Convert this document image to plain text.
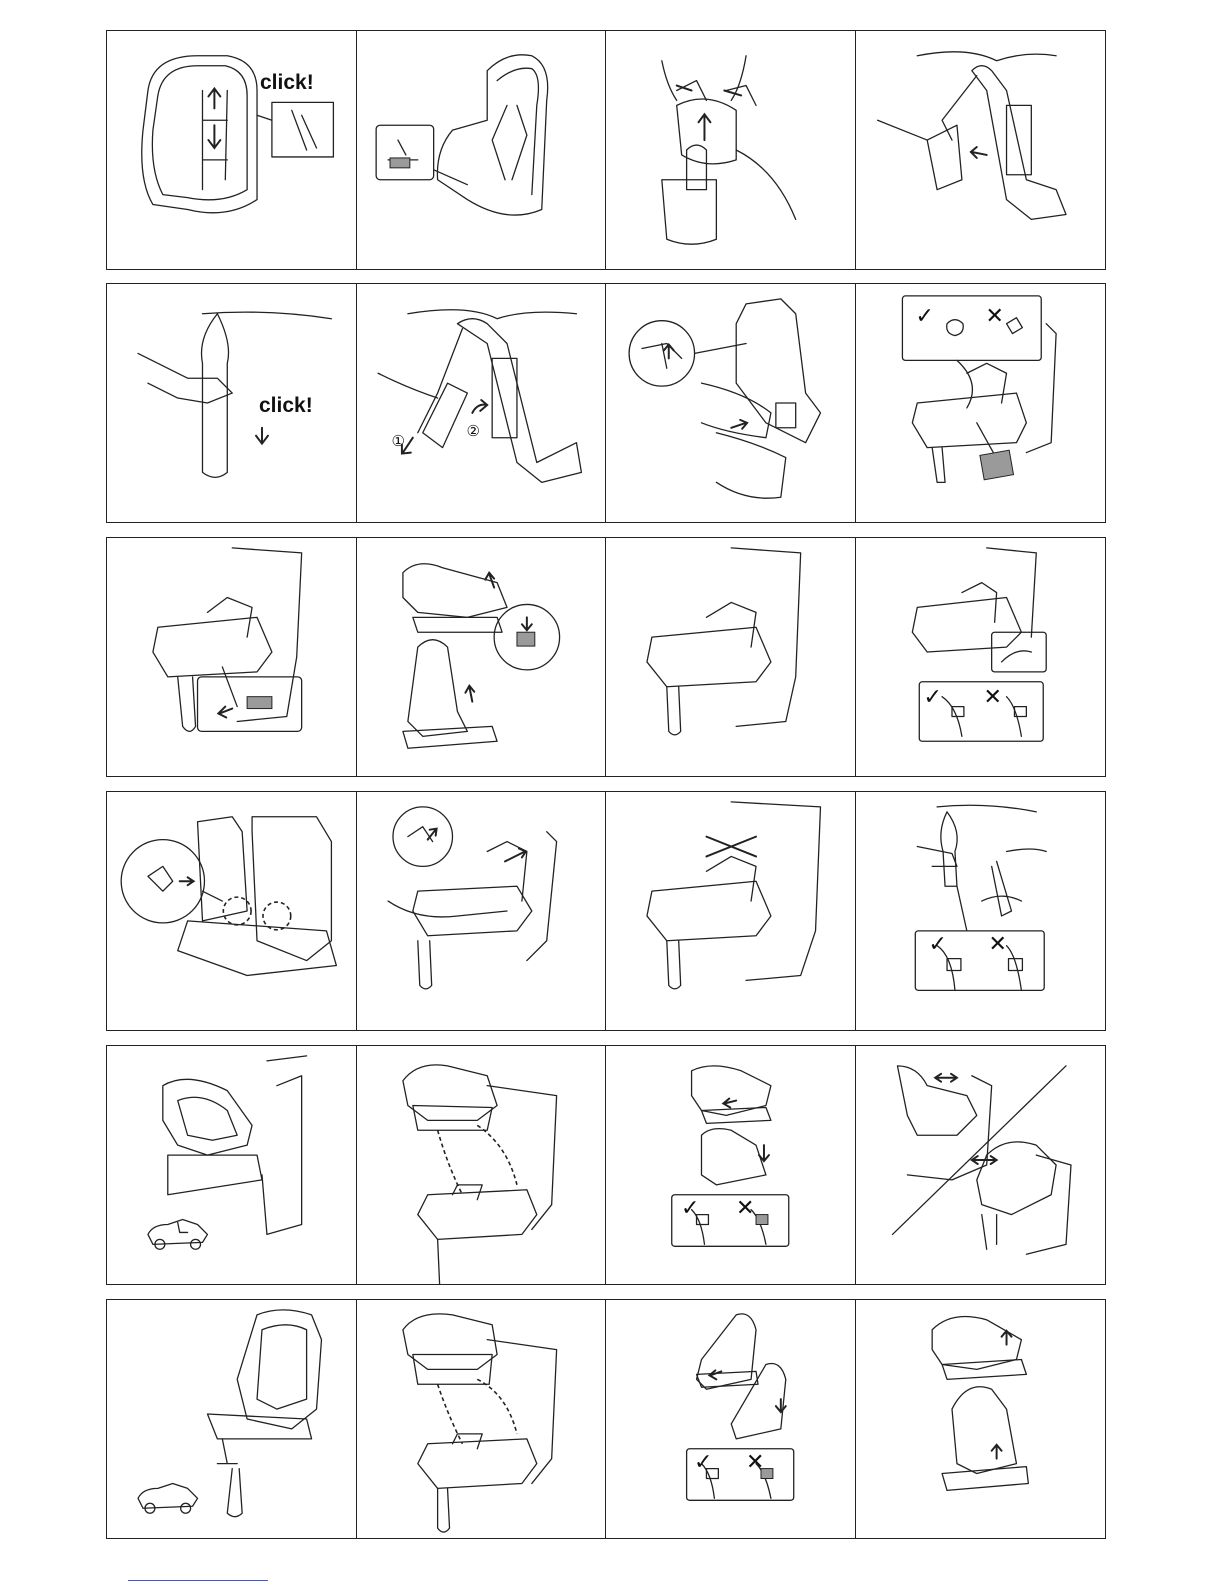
click!
click!
①
②
✓ ✕
✓ ✕
✓ ✕
✓ ✕
✓ ✕
